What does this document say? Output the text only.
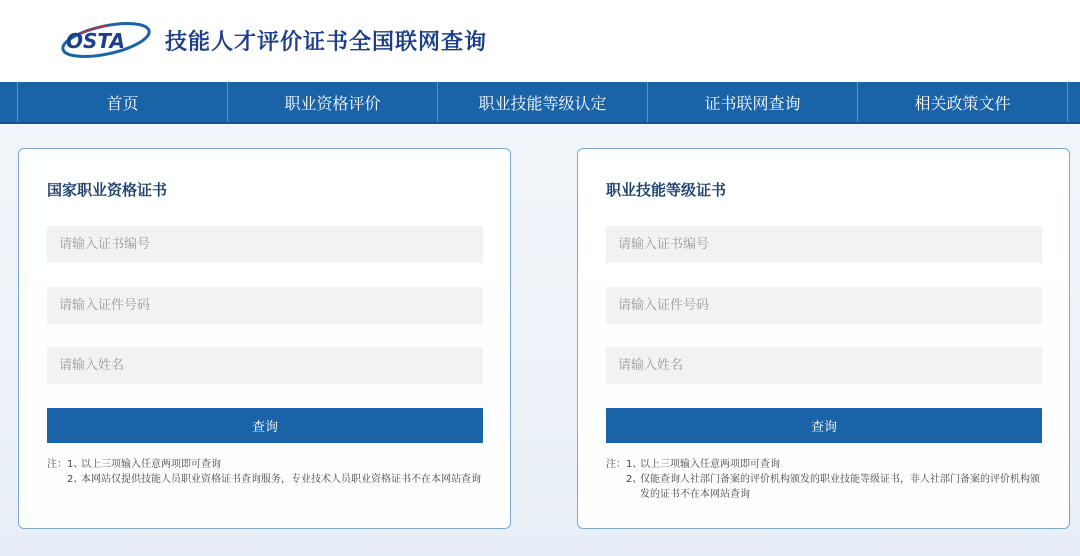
OSTA 技能人才评价证书全国联网查询
首页	职业资格评价	职业技能等级认定	证书联网查询	相关政策文件
国家职业资格证书
请输入证书编号
请输入证件号码
请输入姓名
查询
注： 1、
以上三项输入任意两项即可查询
2、
本网站仅提供技能人员职业资格证书查询服务，专业技术人员职业资格证书不在本网站查询
职业技能等级证书
请输入证书编号
请输入证件号码
请输入姓名
查询
注： 1、
以上三项输入任意两项即可查询
2、
仅能查询人社部门备案的评价机构颁发的职业技能等级证书，非人社部门备案的评价机构颁发的证书不在本网站查询
